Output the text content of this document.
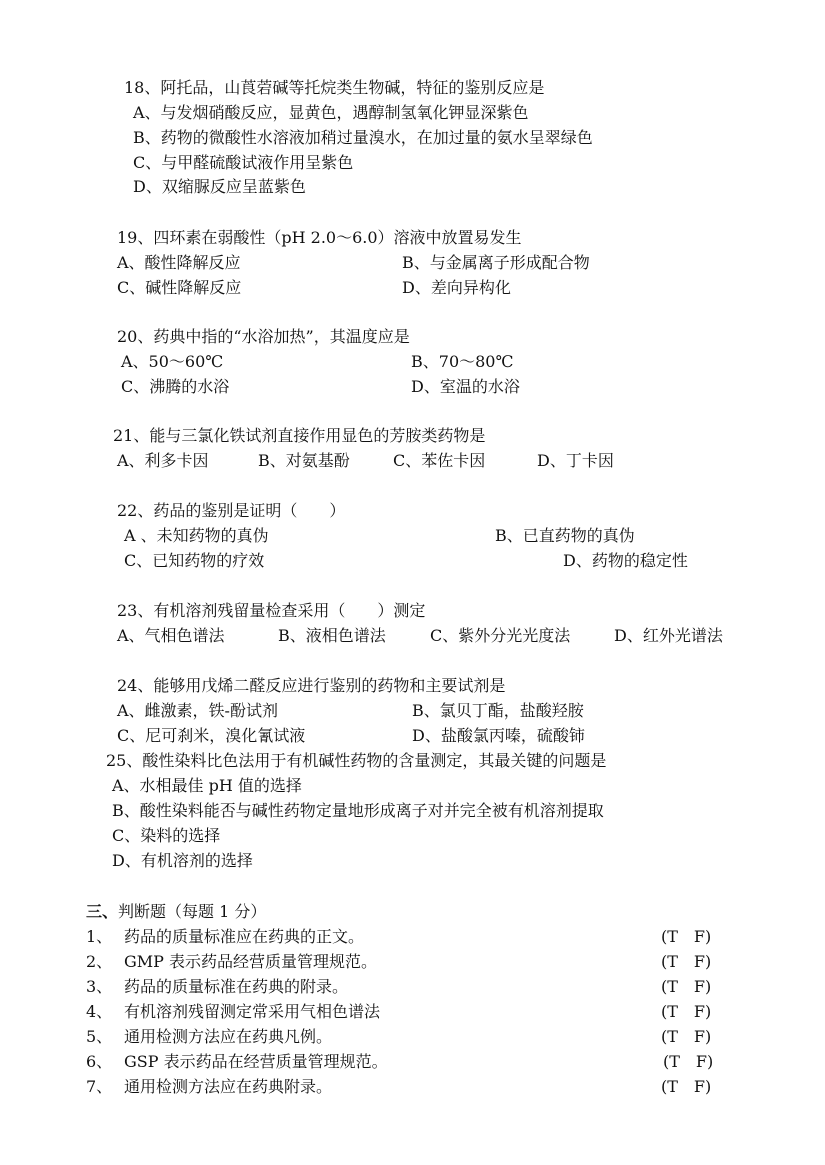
18、阿托品，山莨菪碱等托烷类生物碱，特征的鉴别反应是
A、与发烟硝酸反应，显黄色，遇醇制氢氧化钾显深紫色
B、药物的微酸性水溶液加稍过量溴水，在加过量的氨水呈翠绿色
C、与甲醛硫酸试液作用呈紫色
D、双缩脲反应呈蓝紫色
19、四环素在弱酸性（pH 2.0～6.0）溶液中放置易发生
A、酸性降解反应	B、与金属离子形成配合物
C、碱性降解反应	D、差向异构化
20、药典中指的“水浴加热”，其温度应是
A、50～60℃	B、70～80℃
C、沸腾的水浴	D、室温的水浴
21、能与三氯化铁试剂直接作用显色的芳胺类药物是
A、利多卡因	B、对氨基酚	C、苯佐卡因	D、丁卡因
22、药品的鉴别是证明（　　）
A 、未知药物的真伪	B、已直药物的真伪
C、已知药物的疗效	D、药物的稳定性
23、有机溶剂残留量检查采用（　　）测定
A、气相色谱法	B、液相色谱法	C、紫外分光光度法	D、红外光谱法
24、能够用戊烯二醛反应进行鉴别的药物和主要试剂是
A、雌激素，铁-酚试剂	B、氯贝丁酯，盐酸羟胺
C、尼可刹米，溴化氰试液	D、盐酸氯丙嗪，硫酸铈
25、酸性染料比色法用于有机碱性药物的含量测定，其最关键的问题是
A、水相最佳 pH 值的选择
B、酸性染料能否与碱性药物定量地形成离子对并完全被有机溶剂提取
C、染料的选择
D、有机溶剂的选择
三、判断题（每题 1 分）
1、 药品的质量标准应在药典的正文。	(T　F)
2、 GMP 表示药品经营质量管理规范。	(T　F)
3、 药品的质量标准在药典的附录。	(T　F)
4、 有机溶剂残留测定常采用气相色谱法	(T　F)
5、 通用检测方法应在药典凡例。	(T　F)
6、 GSP 表示药品在经营质量管理规范。	(T　F)
7、 通用检测方法应在药典附录。	(T　F)
